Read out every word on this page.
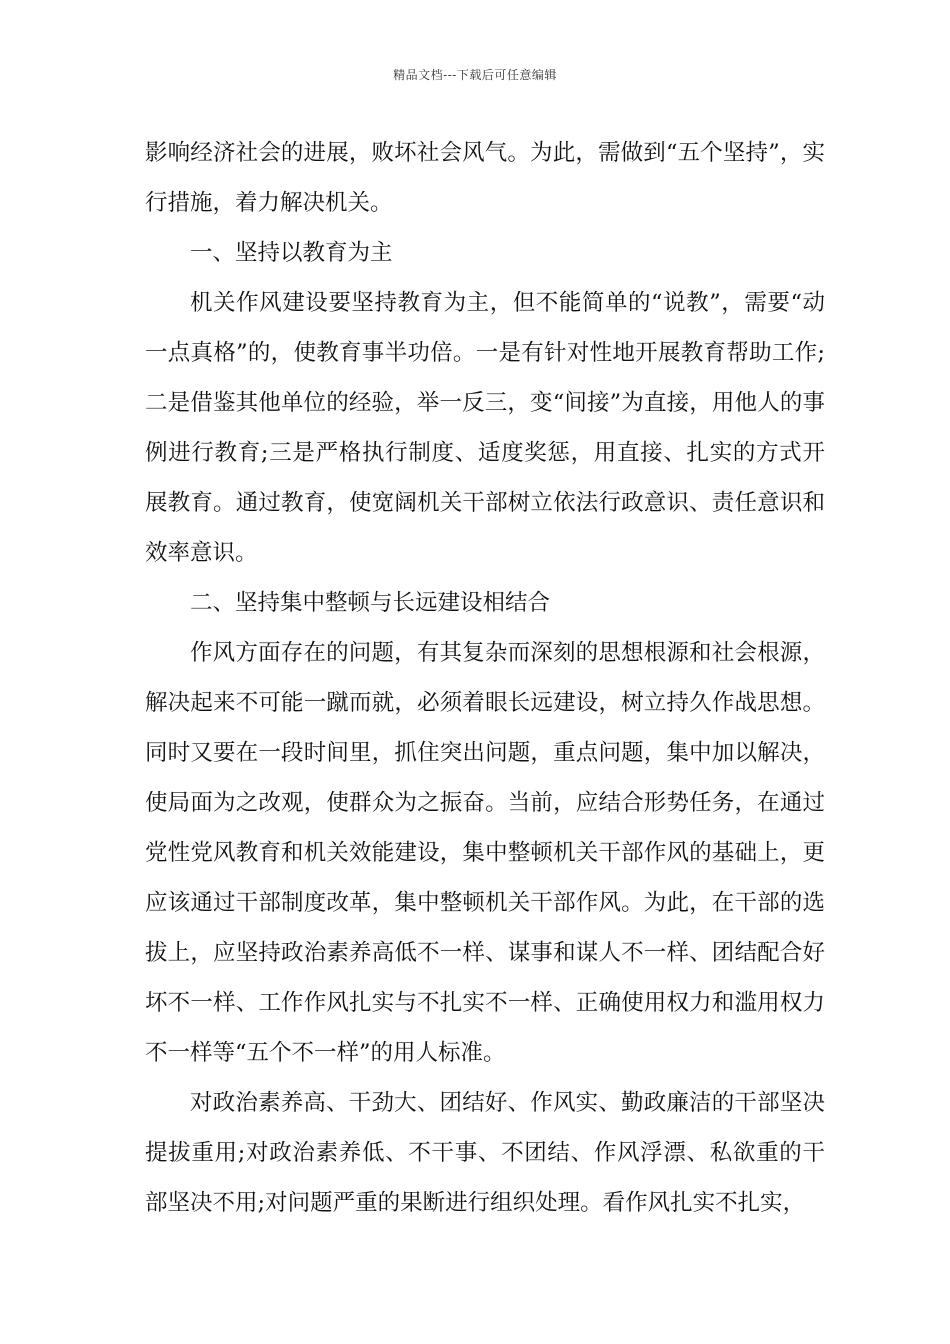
精品文档---下载后可任意编辑

影响经济社会的进展，败坏社会风气。为此，需做到“五个坚持”，实行措施，着力解决机关。

一、坚持以教育为主

机关作风建设要坚持教育为主，但不能简单的“说教”，需要“动一点真格”的，使教育事半功倍。一是有针对性地开展教育帮助工作;二是借鉴其他单位的经验，举一反三，变“间接”为直接，用他人的事例进行教育;三是严格执行制度、适度奖惩，用直接、扎实的方式开展教育。通过教育，使宽阔机关干部树立依法行政意识、责任意识和效率意识。

二、坚持集中整顿与长远建设相结合

作风方面存在的问题，有其复杂而深刻的思想根源和社会根源，解决起来不可能一蹴而就，必须着眼长远建设，树立持久作战思想。同时又要在一段时间里，抓住突出问题，重点问题，集中加以解决，使局面为之改观，使群众为之振奋。当前，应结合形势任务，在通过党性党风教育和机关效能建设，集中整顿机关干部作风的基础上，更应该通过干部制度改革，集中整顿机关干部作风。为此，在干部的选拔上，应坚持政治素养高低不一样、谋事和谋人不一样、团结配合好坏不一样、工作作风扎实与不扎实不一样、正确使用权力和滥用权力不一样等“五个不一样”的用人标准。

对政治素养高、干劲大、团结好、作风实、勤政廉洁的干部坚决提拔重用;对政治素养低、不干事、不团结、作风浮漂、私欲重的干部坚决不用;对问题严重的果断进行组织处理。看作风扎实不扎实，
